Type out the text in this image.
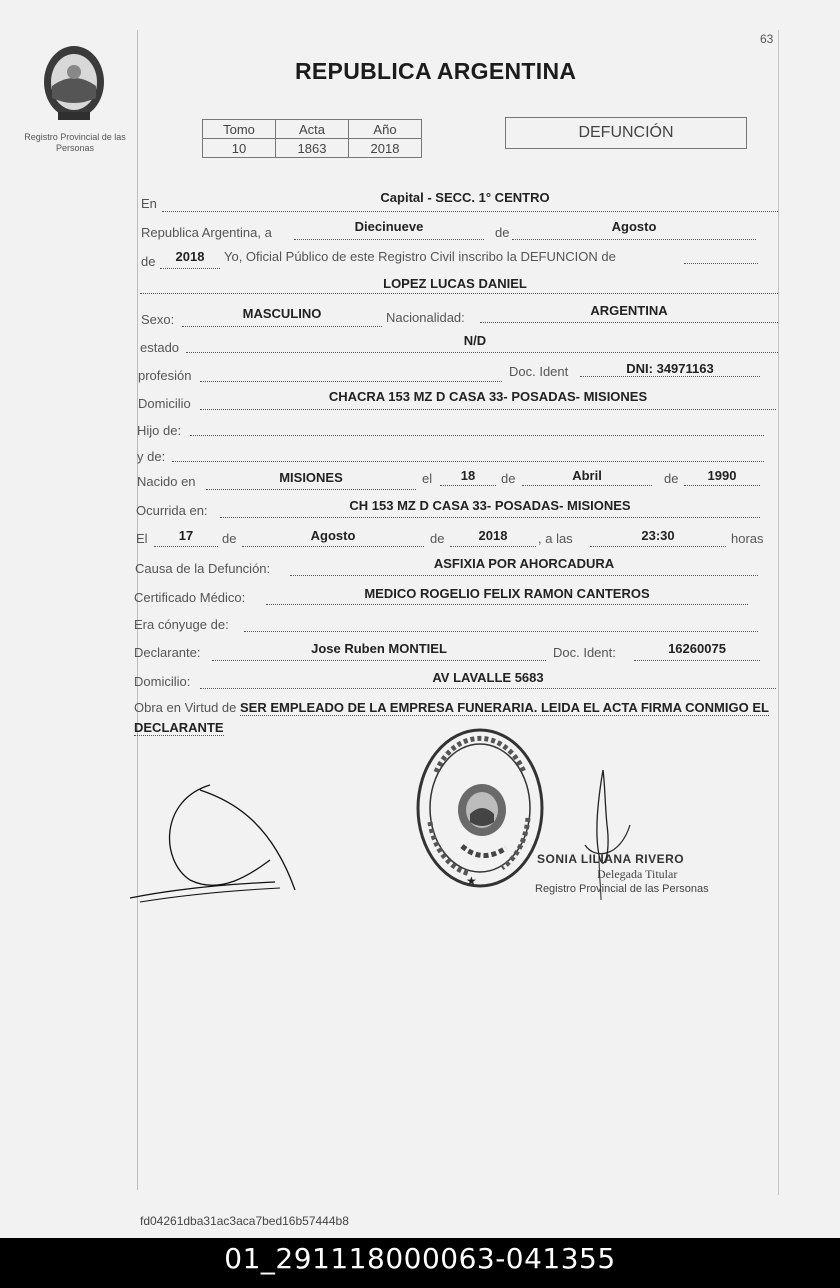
63
Registro Provincial de las Personas
REPUBLICA ARGENTINA
Tomo	Acta	Año
10	1863	2018
DEFUNCIÓN
En	Capital - SECC. 1° CENTRO
Republica Argentina, a	Diecinueve	de	Agosto
de	2018	Yo, Oficial Público de este Registro Civil inscribo la DEFUNCION de
LOPEZ LUCAS DANIEL
Sexo:	MASCULINO	Nacionalidad:	ARGENTINA
estado	N/D
profesión	Doc. Ident	DNI: 34971163
Domicilio	CHACRA 153 MZ D CASA 33- POSADAS- MISIONES
Hijo de:
y de:
Nacido en	MISIONES	el	18	de	Abril	de	1990
Ocurrida en:	CH 153 MZ D CASA 33- POSADAS- MISIONES
El	17	de	Agosto	de	2018	, a las	23:30	horas
Causa de la Defunción:	ASFIXIA POR AHORCADURA
Certificado Médico:	MEDICO ROGELIO FELIX RAMON CANTEROS
Era cónyuge de:
Declarante:	Jose Ruben MONTIEL	Doc. Ident:	16260075
Domicilio:	AV LAVALLE 5683
Obra en Virtud de SER EMPLEADO DE LA EMPRESA FUNERARIA. LEIDA EL ACTA FIRMA CONMIGO EL DECLARANTE
★
SONIA LILIANA RIVERO
Delegada Titular
Registro Provincial de las Personas
fd04261dba31ac3aca7bed16b57444b8
01_291118000063-041355
